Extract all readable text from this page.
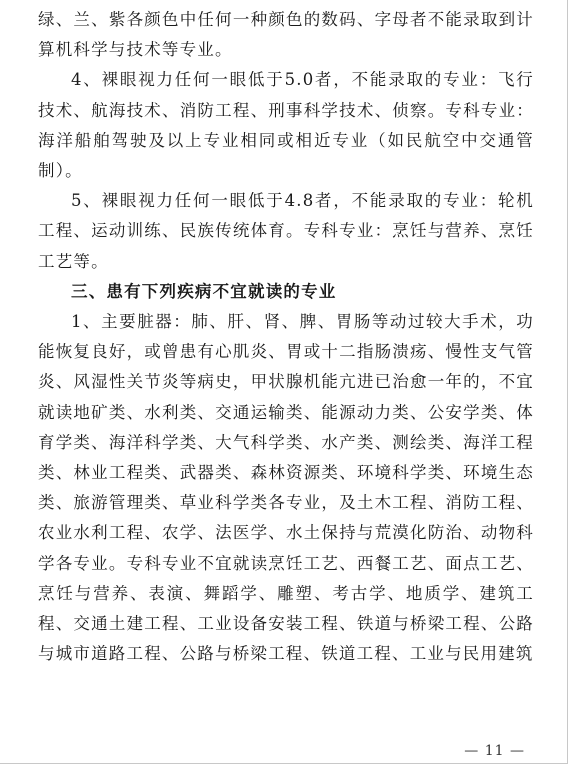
绿、兰、紫各颜色中任何一种颜色的数码、字母者不能录取到计算机科学与技术等专业。

4、裸眼视力任何一眼低于5.0者，不能录取的专业：飞行技术、航海技术、消防工程、刑事科学技术、侦察。专科专业：海洋船舶驾驶及以上专业相同或相近专业（如民航空中交通管制）。

5、裸眼视力任何一眼低于4.8者，不能录取的专业：轮机工程、运动训练、民族传统体育。专科专业：烹饪与营养、烹饪工艺等。

三、患有下列疾病不宜就读的专业

1、主要脏器：肺、肝、肾、脾、胃肠等动过较大手术，功能恢复良好，或曾患有心肌炎、胃或十二指肠溃疡、慢性支气管炎、风湿性关节炎等病史，甲状腺机能亢进已治愈一年的，不宜就读地矿类、水利类、交通运输类、能源动力类、公安学类、体育学类、海洋科学类、大气科学类、水产类、测绘类、海洋工程类、林业工程类、武器类、森林资源类、环境科学类、环境生态类、旅游管理类、草业科学类各专业，及土木工程、消防工程、农业水利工程、农学、法医学、水土保持与荒漠化防治、动物科学各专业。专科专业不宜就读烹饪工艺、西餐工艺、面点工艺、烹饪与营养、表演、舞蹈学、雕塑、考古学、地质学、建筑工程、交通土建工程、工业设备安装工程、铁道与桥梁工程、公路与城市道路工程、公路与桥梁工程、铁道工程、工业与民用建筑

— 11 —
